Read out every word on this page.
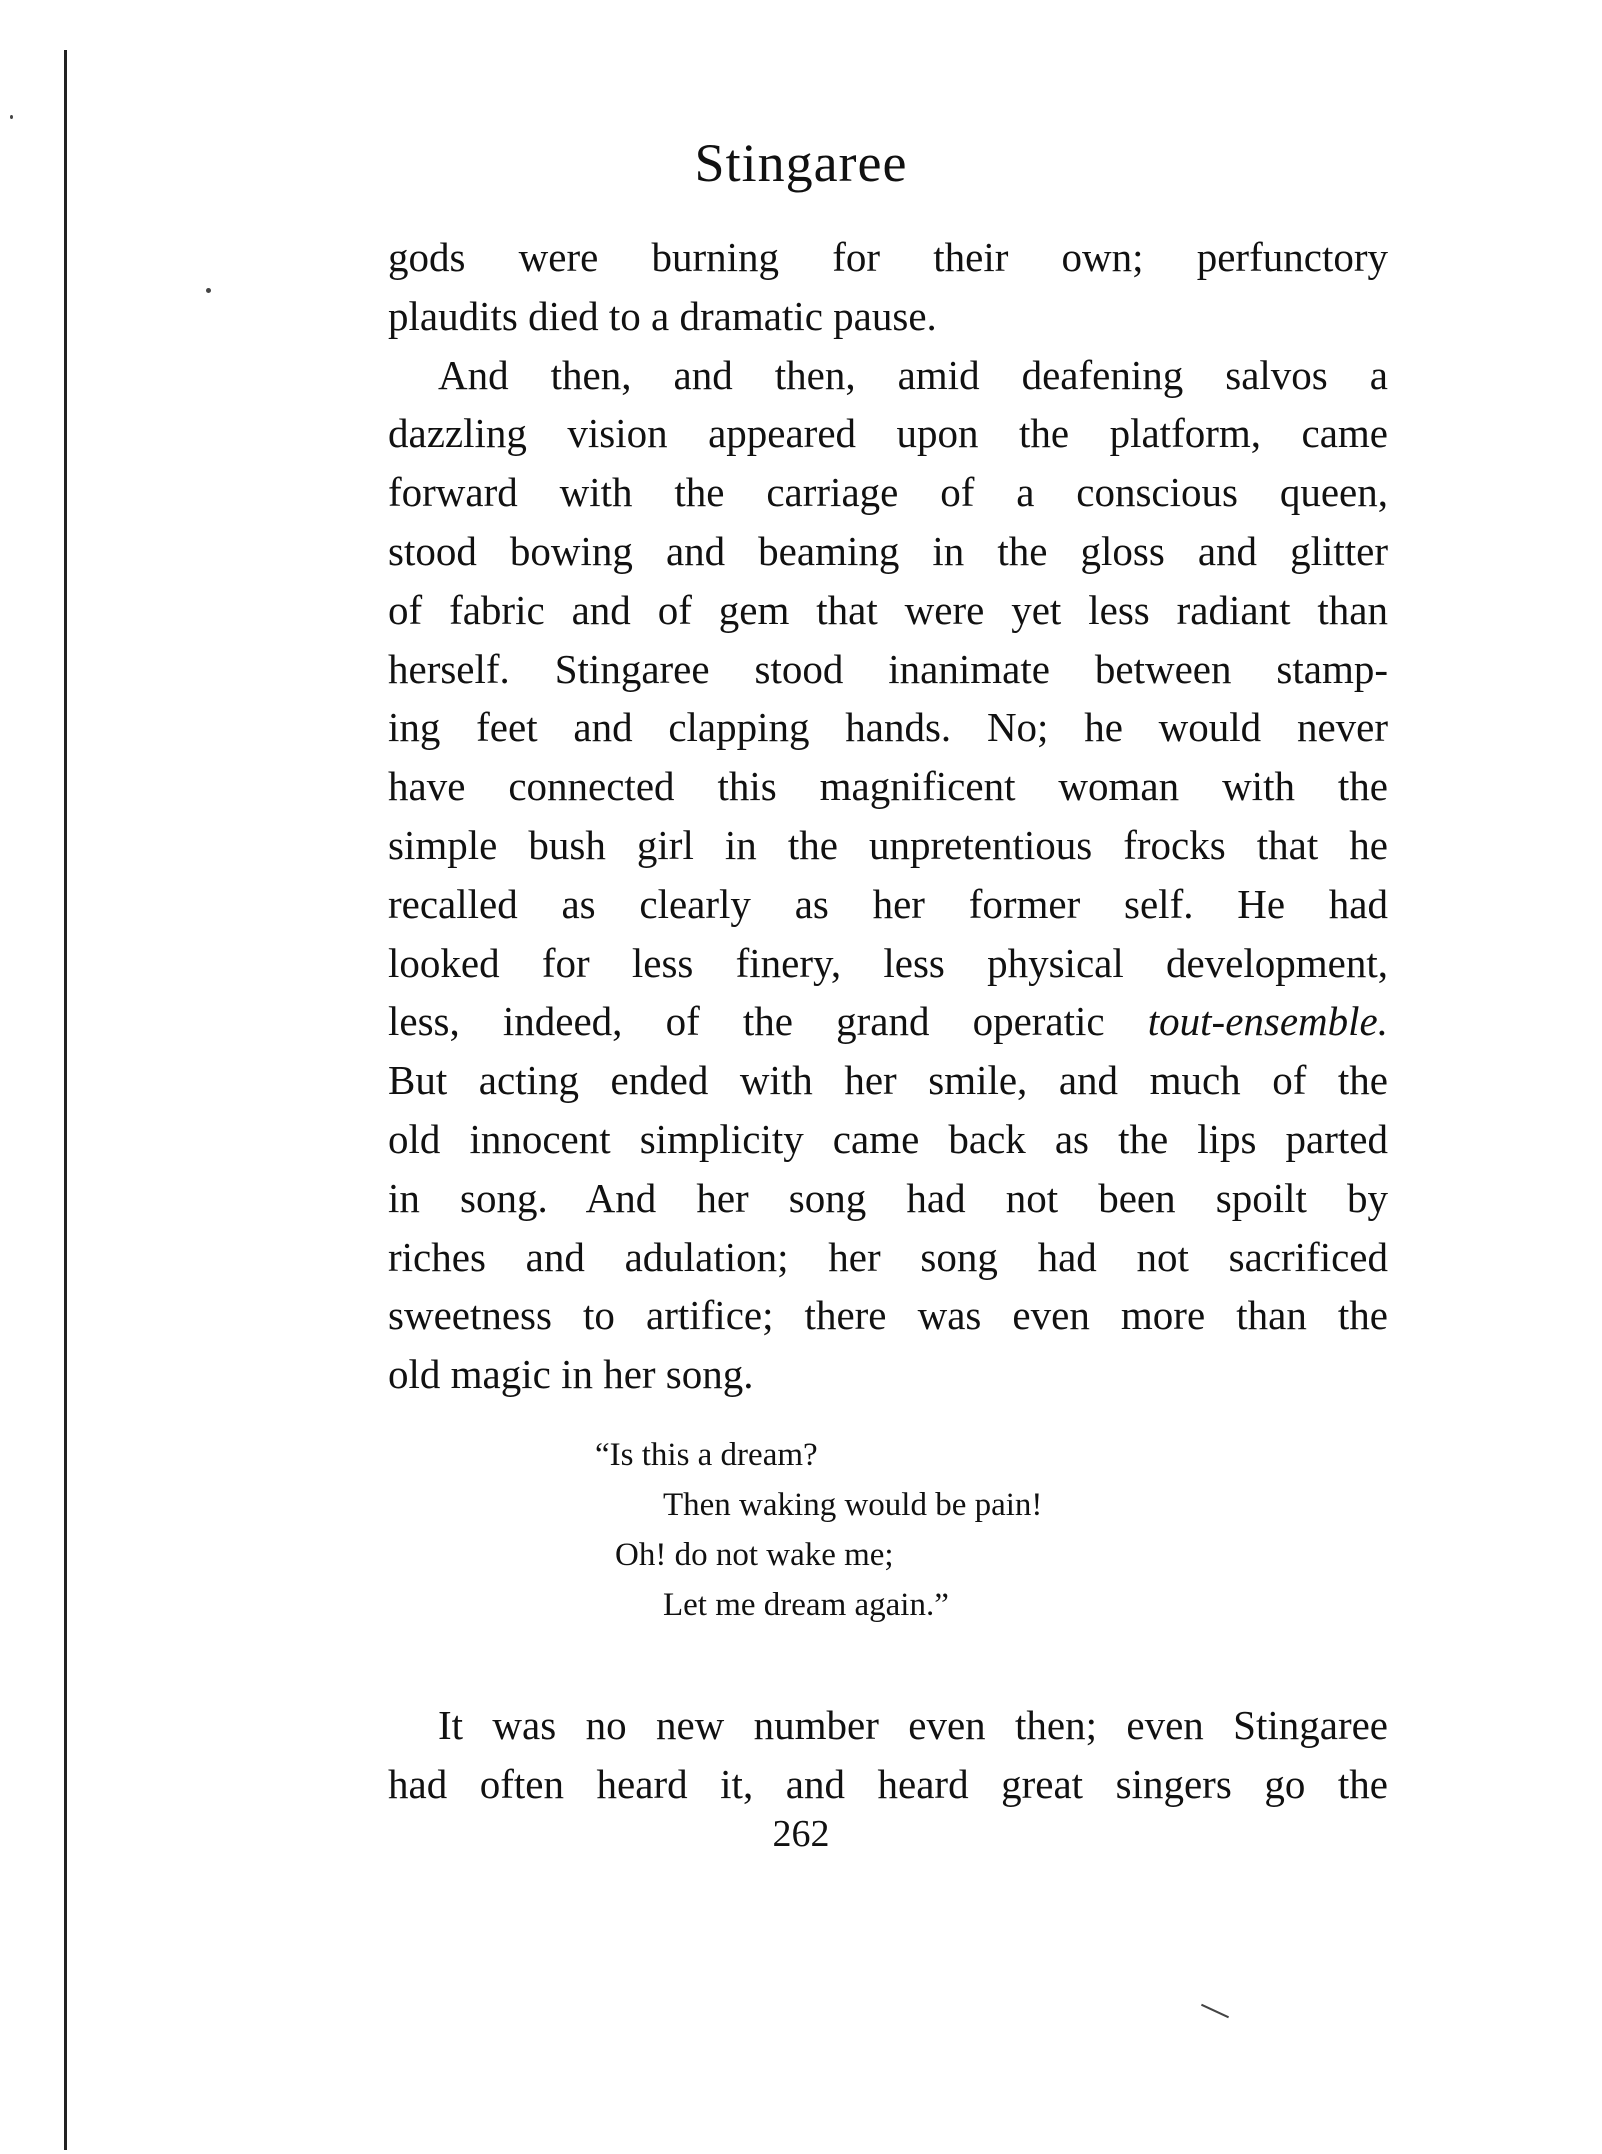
Stingaree

gods were burning for their own; perfunctory
plaudits died to a dramatic pause.

And then, and then, amid deafening salvos a
dazzling vision appeared upon the platform, came
forward with the carriage of a conscious queen,
stood bowing and beaming in the gloss and glitter
of fabric and of gem that were yet less radiant than
herself. Stingaree stood inanimate between stamp-
ing feet and clapping hands. No; he would never
have connected this magnificent woman with the
simple bush girl in the unpretentious frocks that he
recalled as clearly as her former self. He had
looked for less finery, less physical development,
less, indeed, of the grand operatic tout-ensemble.
But acting ended with her smile, and much of the
old innocent simplicity came back as the lips parted
in song. And her song had not been spoilt by
riches and adulation; her song had not sacrificed
sweetness to artifice; there was even more than the
old magic in her song.

“Is this a dream?
Then waking would be pain!
Oh! do not wake me;
Let me dream again.”
It was no new number even then; even Stingaree
had often heard it, and heard great singers go the
262
